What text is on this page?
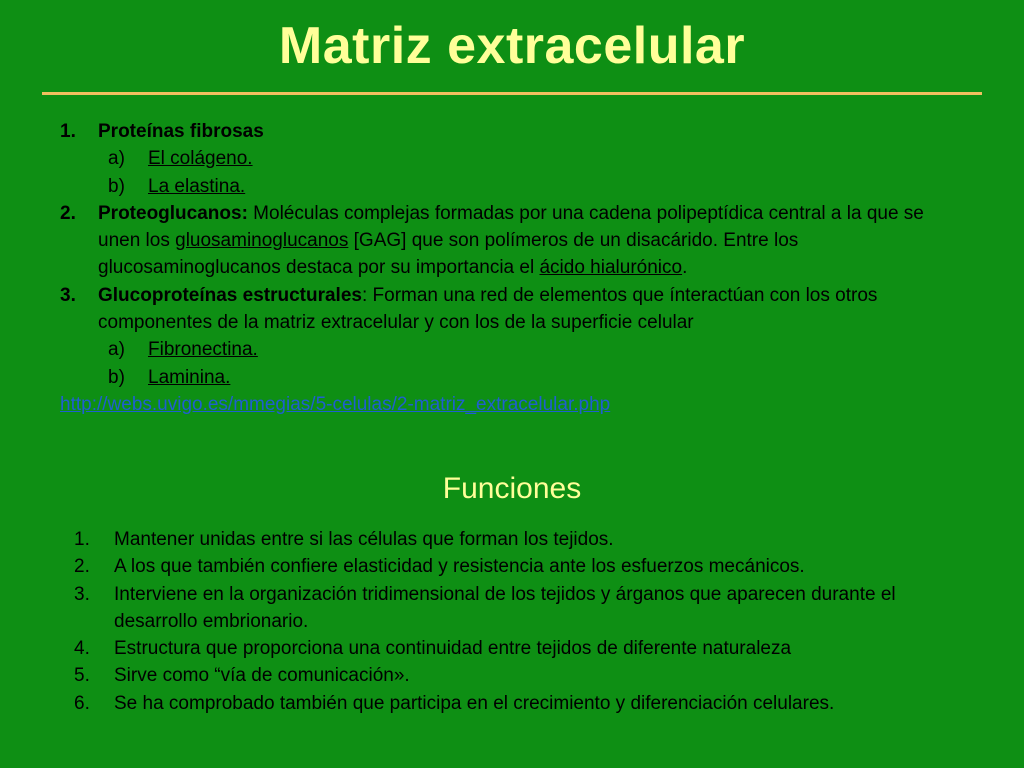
Matriz extracelular
1. Proteínas fibrosas
a) El colágeno.
b) La elastina.
2. Proteoglucanos: Moléculas complejas formadas por una cadena polipeptídica central a la que se unen los gluosaminoglucanos [GAG] que son polímeros de un disacárido. Entre los glucosaminoglucanos destaca por su importancia el ácido hialurónico.
3. Glucoproteínas estructurales: Forman una red de elementos que ínteractúan con los otros componentes de la matriz extracelular y con los de la superficie celular
a) Fibronectina.
b) Laminina.
http://webs.uvigo.es/mmegias/5-celulas/2-matriz_extracelular.php
Funciones
1. Mantener unidas entre si las células que forman los tejidos.
2. A los que también confiere elasticidad y resistencia ante los esfuerzos mecánicos.
3. Interviene en la organización tridimensional de los tejidos y árganos que aparecen durante el desarrollo embrionario.
4. Estructura que proporciona una continuidad entre tejidos de diferente naturaleza
5. Sirve como “vía de comunicación».
6. Se ha comprobado también que participa en el crecimiento y diferenciación celulares.
